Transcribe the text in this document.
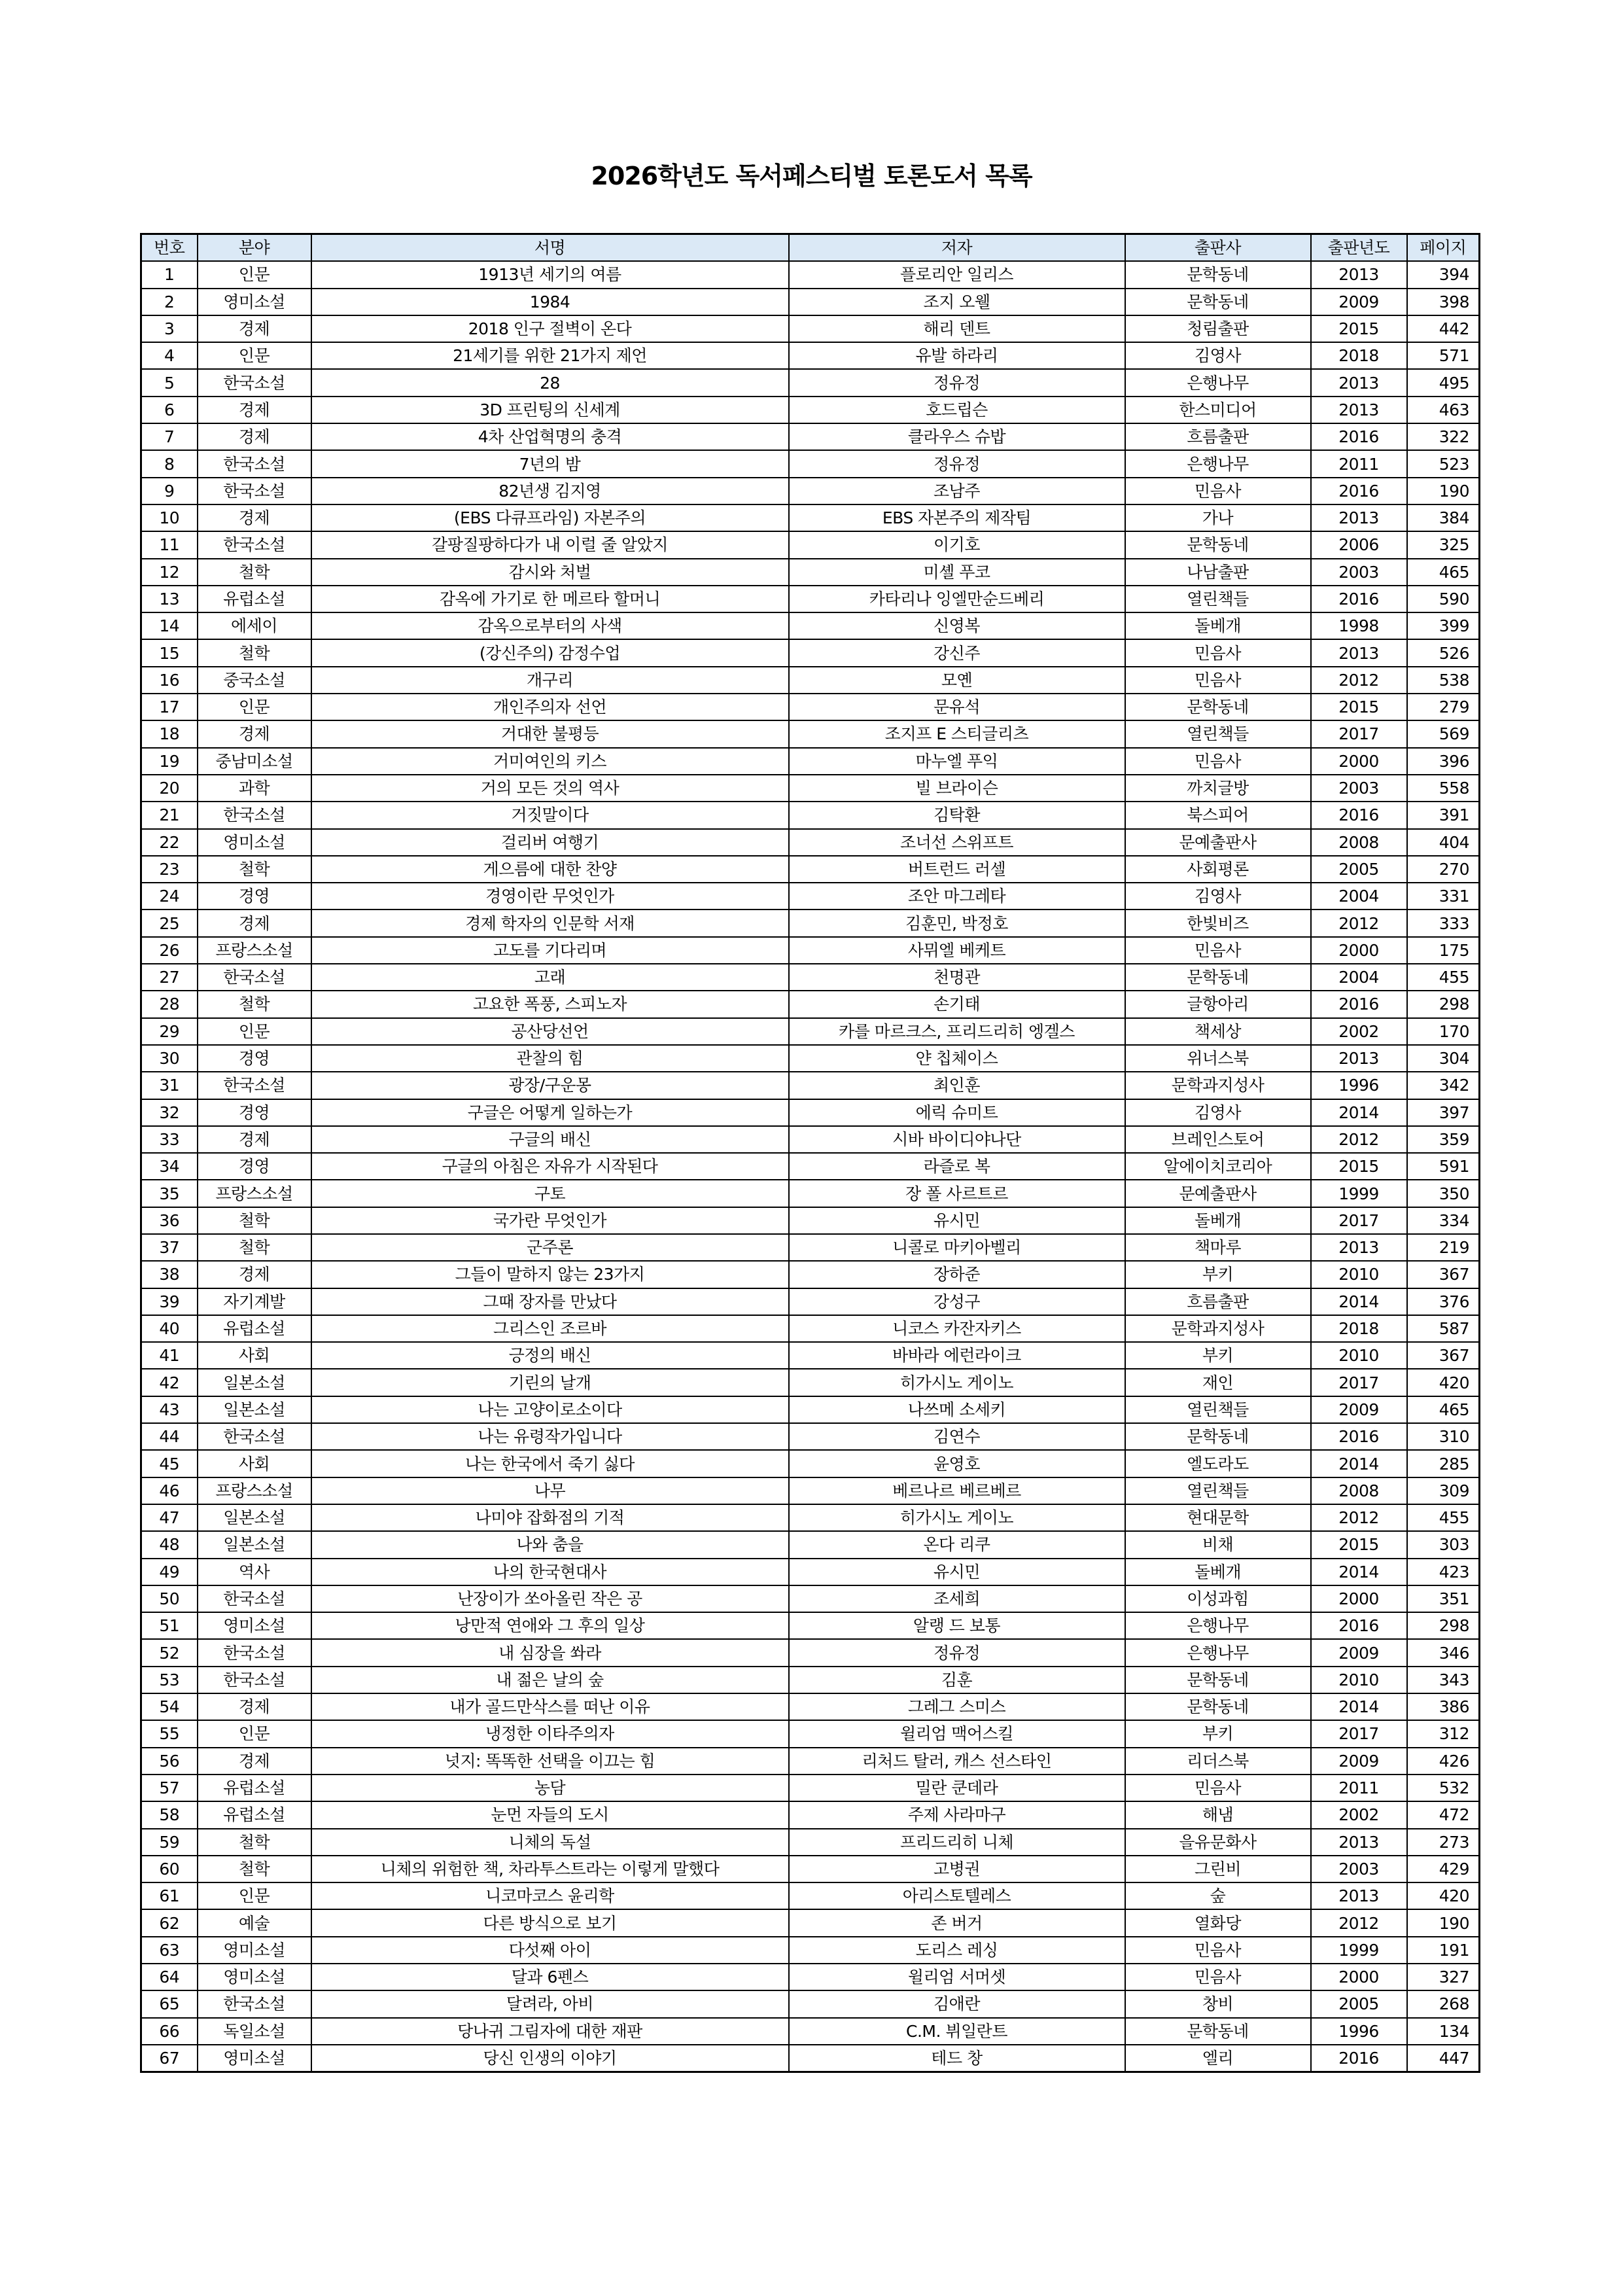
2026학년도 독서페스티벌 토론도서 목록
번호	분야	서명	저자	출판사	출판년도	페이지
1	인문	1913년 세기의 여름	플로리안 일리스	문학동네	2013	394
2	영미소설	1984	조지 오웰	문학동네	2009	398
3	경제	2018 인구 절벽이 온다	해리 덴트	청림출판	2015	442
4	인문	21세기를 위한 21가지 제언	유발 하라리	김영사	2018	571
5	한국소설	28	정유정	은행나무	2013	495
6	경제	3D 프린팅의 신세계	호드립슨	한스미디어	2013	463
7	경제	4차 산업혁명의 충격	클라우스 슈밥	흐름출판	2016	322
8	한국소설	7년의 밤	정유정	은행나무	2011	523
9	한국소설	82년생 김지영	조남주	민음사	2016	190
10	경제	(EBS 다큐프라임) 자본주의	EBS 자본주의 제작팀	가나	2013	384
11	한국소설	갈팡질팡하다가 내 이럴 줄 알았지	이기호	문학동네	2006	325
12	철학	감시와 처벌	미셸 푸코	나남출판	2003	465
13	유럽소설	감옥에 가기로 한 메르타 할머니	카타리나 잉엘만순드베리	열린책들	2016	590
14	에세이	감옥으로부터의 사색	신영복	돌베개	1998	399
15	철학	(강신주의) 감정수업	강신주	민음사	2013	526
16	중국소설	개구리	모옌	민음사	2012	538
17	인문	개인주의자 선언	문유석	문학동네	2015	279
18	경제	거대한 불평등	조지프 E 스티글리츠	열린책들	2017	569
19	중남미소설	거미여인의 키스	마누엘 푸익	민음사	2000	396
20	과학	거의 모든 것의 역사	빌 브라이슨	까치글방	2003	558
21	한국소설	거짓말이다	김탁환	북스피어	2016	391
22	영미소설	걸리버 여행기	조너선 스위프트	문예출판사	2008	404
23	철학	게으름에 대한 찬양	버트런드 러셀	사회평론	2005	270
24	경영	경영이란 무엇인가	조안 마그레타	김영사	2004	331
25	경제	경제 학자의 인문학 서재	김훈민, 박정호	한빛비즈	2012	333
26	프랑스소설	고도를 기다리며	사뮈엘 베케트	민음사	2000	175
27	한국소설	고래	천명관	문학동네	2004	455
28	철학	고요한 폭풍, 스피노자	손기태	글항아리	2016	298
29	인문	공산당선언	카를 마르크스, 프리드리히 엥겔스	책세상	2002	170
30	경영	관찰의 힘	얀 칩체이스	위너스북	2013	304
31	한국소설	광장/구운몽	최인훈	문학과지성사	1996	342
32	경영	구글은 어떻게 일하는가	에릭 슈미트	김영사	2014	397
33	경제	구글의 배신	시바 바이디야나단	브레인스토어	2012	359
34	경영	구글의 아침은 자유가 시작된다	라즐로 복	알에이치코리아	2015	591
35	프랑스소설	구토	장 폴 사르트르	문예출판사	1999	350
36	철학	국가란 무엇인가	유시민	돌베개	2017	334
37	철학	군주론	니콜로 마키아벨리	책마루	2013	219
38	경제	그들이 말하지 않는 23가지	장하준	부키	2010	367
39	자기계발	그때 장자를 만났다	강성구	흐름출판	2014	376
40	유럽소설	그리스인 조르바	니코스 카잔자키스	문학과지성사	2018	587
41	사회	긍정의 배신	바바라 에런라이크	부키	2010	367
42	일본소설	기린의 날개	히가시노 게이노	재인	2017	420
43	일본소설	나는 고양이로소이다	나쓰메 소세키	열린책들	2009	465
44	한국소설	나는 유령작가입니다	김연수	문학동네	2016	310
45	사회	나는 한국에서 죽기 싫다	윤영호	엘도라도	2014	285
46	프랑스소설	나무	베르나르 베르베르	열린책들	2008	309
47	일본소설	나미야 잡화점의 기적	히가시노 게이노	현대문학	2012	455
48	일본소설	나와 춤을	온다 리쿠	비채	2015	303
49	역사	나의 한국현대사	유시민	돌베개	2014	423
50	한국소설	난장이가 쏘아올린 작은 공	조세희	이성과힘	2000	351
51	영미소설	낭만적 연애와 그 후의 일상	알랭 드 보통	은행나무	2016	298
52	한국소설	내 심장을 쏴라	정유정	은행나무	2009	346
53	한국소설	내 젊은 날의 숲	김훈	문학동네	2010	343
54	경제	내가 골드만삭스를 떠난 이유	그레그 스미스	문학동네	2014	386
55	인문	냉정한 이타주의자	윌리엄 맥어스킬	부키	2017	312
56	경제	넛지: 똑똑한 선택을 이끄는 힘	리처드 탈러, 캐스 선스타인	리더스북	2009	426
57	유럽소설	농담	밀란 쿤데라	민음사	2011	532
58	유럽소설	눈먼 자들의 도시	주제 사라마구	해냄	2002	472
59	철학	니체의 독설	프리드리히 니체	을유문화사	2013	273
60	철학	니체의 위험한 책, 차라투스트라는 이렇게 말했다	고병권	그린비	2003	429
61	인문	니코마코스 윤리학	아리스토텔레스	숲	2013	420
62	예술	다른 방식으로 보기	존 버거	열화당	2012	190
63	영미소설	다섯째 아이	도리스 레싱	민음사	1999	191
64	영미소설	달과 6펜스	윌리엄 서머셋	민음사	2000	327
65	한국소설	달려라, 아비	김애란	창비	2005	268
66	독일소설	당나귀 그림자에 대한 재판	C.M. 뷔일란트	문학동네	1996	134
67	영미소설	당신 인생의 이야기	테드 창	엘리	2016	447
